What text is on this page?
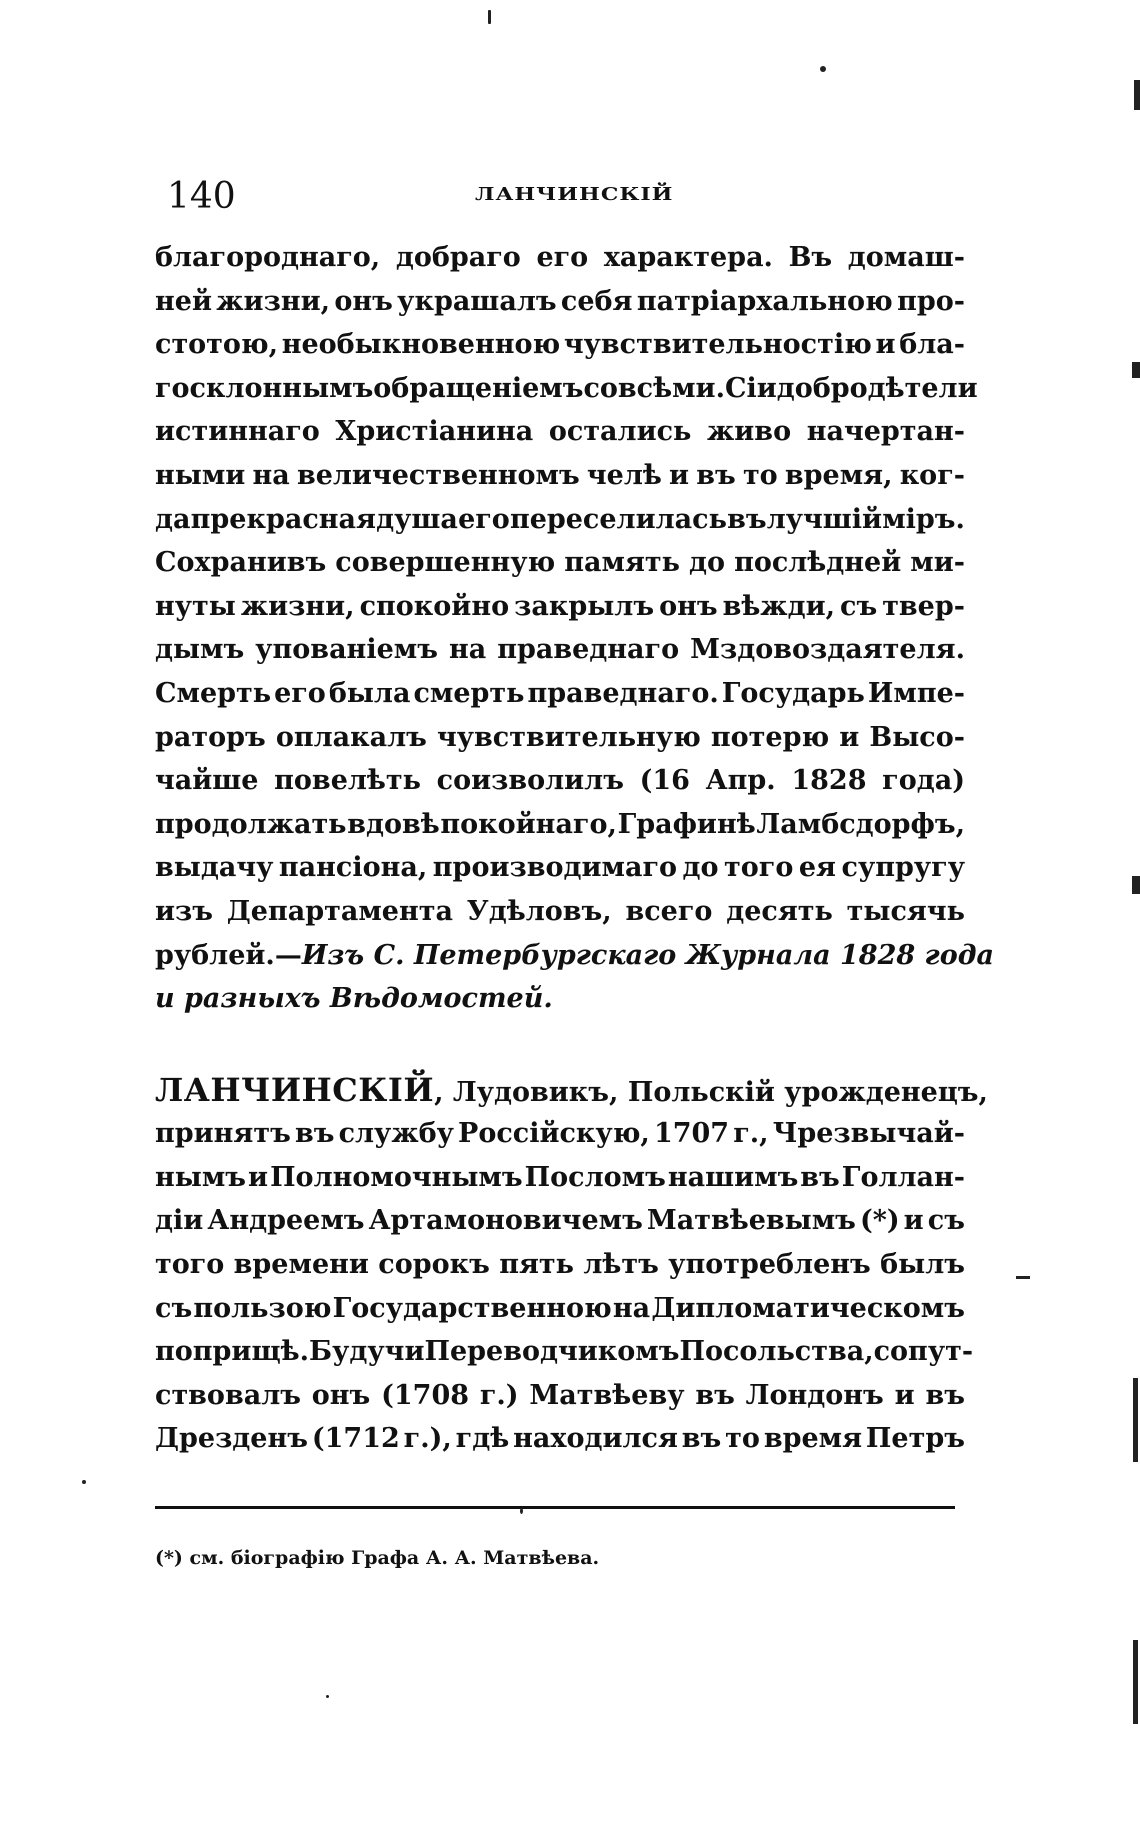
140	ЛАНЧИНСКІЙ
благороднаго, добраго его характера. Въ домаш-
ней жизни, онъ украшалъ себя патріархальною про-
стотою, необыкновенною чувствительностію и бла-
госклоннымъ обращеніемъ со всѣми. Сіи добродѣтели
истиннаго Христіанина остались живо начертан-
ными на величественномъ челѣ и въ то время, ког-
да прекрасная душа его переселилась въ лучшій міръ.
Сохранивъ совершенную память до послѣдней ми-
нуты жизни, спокойно закрылъ онъ вѣжди, съ твер-
дымъ упованіемъ на праведнаго Мздовоздаятеля.
Смерть его была смерть праведнаго. Государь Импе-
раторъ оплакалъ чувствительную потерю и Высо-
чайше повелѣть соизволилъ (16 Апр. 1828 года)
продолжать вдовѣ покойнаго, Графинѣ Ламбсдорфъ,
выдачу пансіона, производимаго до того ея супругу
изъ Департамента Удѣловъ, всего десять тысячь
рублей.— Изъ С. Петербургскаго Журнала 1828 года
и разныхъ Вѣдомостей.
ЛАНЧИНСКІЙ, Лудовикъ, Польскій урожденецъ,
принятъ въ службу Россійскую, 1707 г., Чрезвычай-
нымъ и Полномочнымъ Посломъ нашимъ въ Голлан-
діи Андреемъ Артамоновичемъ Матвѣевымъ (*) и съ
того времени сорокъ пять лѣтъ употребленъ былъ
съ пользою Государственною на Дипломатическомъ
поприщѣ. Будучи Переводчикомъ Посольства, сопут-
ствовалъ онъ (1708 г.) Матвѣеву въ Лондонъ и въ
Дрезденъ (1712 г.), гдѣ находился въ то время Петръ
(*) см. біографію Графа А. А. Матвѣева.
